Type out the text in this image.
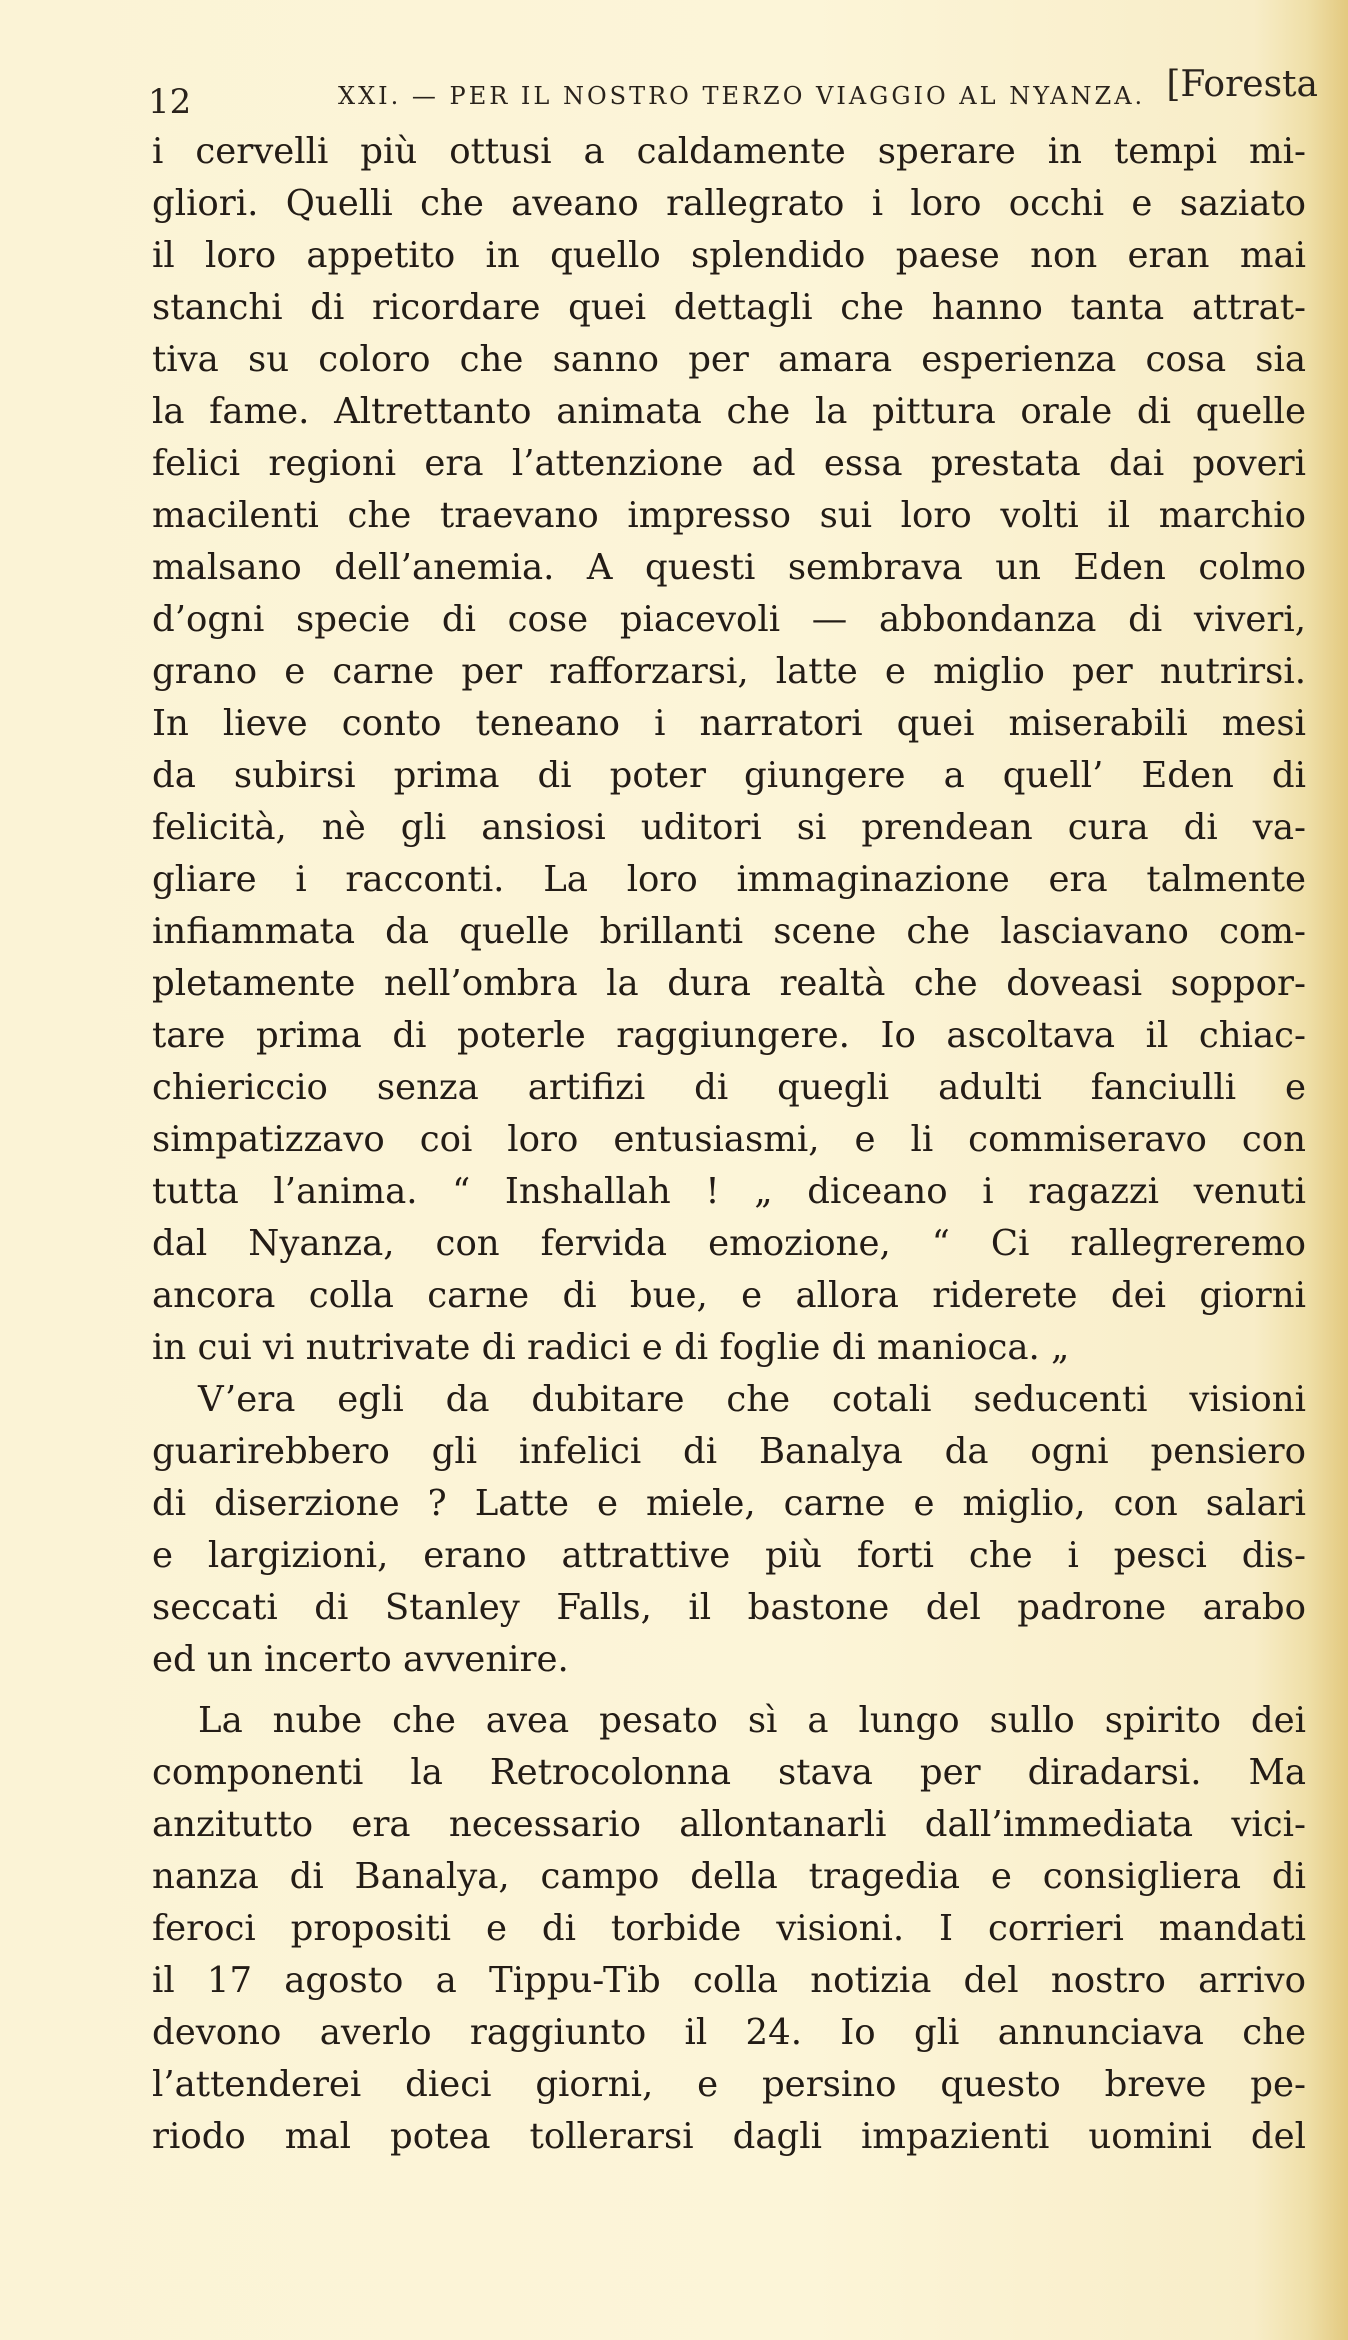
12	XXI. — PER IL NOSTRO TERZO VIAGGIO AL NYANZA. [Foresta
i cervelli più ottusi a caldamente sperare in tempi mi-
gliori. Quelli che aveano rallegrato i loro occhi e saziato
il loro appetito in quello splendido paese non eran mai
stanchi di ricordare quei dettagli che hanno tanta attrat-
tiva su coloro che sanno per amara esperienza cosa sia
la fame. Altrettanto animata che la pittura orale di quelle
felici regioni era l’attenzione ad essa prestata dai poveri
macilenti che traevano impresso sui loro volti il marchio
malsano dell’anemia. A questi sembrava un Eden colmo
d’ogni specie di cose piacevoli — abbondanza di viveri,
grano e carne per rafforzarsi, latte e miglio per nutrirsi.
In lieve conto teneano i narratori quei miserabili mesi
da subirsi prima di poter giungere a quell’ Eden di
felicità, nè gli ansiosi uditori si prendean cura di va-
gliare i racconti. La loro immaginazione era talmente
infiammata da quelle brillanti scene che lasciavano com-
pletamente nell’ombra la dura realtà che doveasi soppor-
tare prima di poterle raggiungere. Io ascoltava il chiac-
chiericcio senza artifizi di quegli adulti fanciulli e
simpatizzavo coi loro entusiasmi, e li commiseravo con
tutta l’anima. “ Inshallah ! „ diceano i ragazzi venuti
dal Nyanza, con fervida emozione, “ Ci rallegreremo
ancora colla carne di bue, e allora riderete dei giorni
in cui vi nutrivate di radici e di foglie di manioca. „
V’era egli da dubitare che cotali seducenti visioni
guarirebbero gli infelici di Banalya da ogni pensiero
di diserzione ? Latte e miele, carne e miglio, con salari
e largizioni, erano attrattive più forti che i pesci dis-
seccati di Stanley Falls, il bastone del padrone arabo
ed un incerto avvenire.
La nube che avea pesato sì a lungo sullo spirito dei
componenti la Retrocolonna stava per diradarsi. Ma
anzitutto era necessario allontanarli dall’immediata vici-
nanza di Banalya, campo della tragedia e consigliera di
feroci propositi e di torbide visioni. I corrieri mandati
il 17 agosto a Tippu-Tib colla notizia del nostro arrivo
devono averlo raggiunto il 24. Io gli annunciava che
l’attenderei dieci giorni, e persino questo breve pe-
riodo mal potea tollerarsi dagli impazienti uomini del
